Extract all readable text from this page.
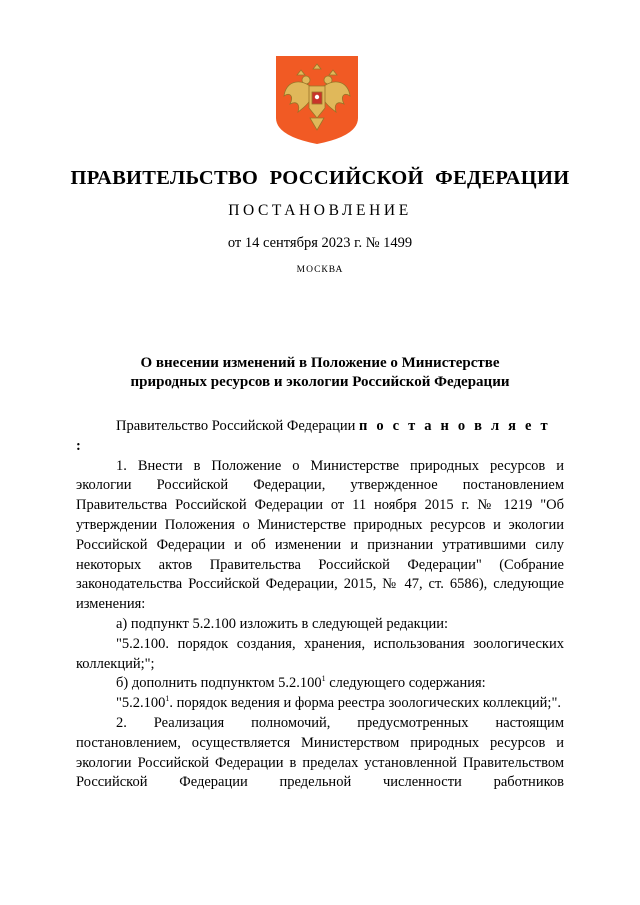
ПРАВИТЕЛЬСТВО РОССИЙСКОЙ ФЕДЕРАЦИИ
ПОСТАНОВЛЕНИЕ
от 14 сентября 2023 г. № 1499
МОСКВА
О внесении изменений в Положение о Министерстве
природных ресурсов и экологии Российской Федерации

Правительство Российской Федерации п о с т а н о в л я е т :

1. Внести в Положение о Министерстве природных ресурсов и экологии Российской Федерации, утвержденное постановлением Правительства Российской Федерации от 11 ноября 2015 г. № 1219 "Об утверждении Положения о Министерстве природных ресурсов и экологии Российской Федерации и об изменении и признании утратившими силу некоторых актов Правительства Российской Федерации" (Собрание законодательства Российской Федерации, 2015, № 47, ст. 6586), следующие изменения:

а) подпункт 5.2.100 изложить в следующей редакции:

"5.2.100. порядок создания, хранения, использования зоологических коллекций;";

б) дополнить подпунктом 5.2.100$^1$ следующего содержания:

"5.2.100$^1$. порядок ведения и форма реестра зоологических коллекций;".

2. Реализация полномочий, предусмотренных настоящим постановлением, осуществляется Министерством природных ресурсов и экологии Российской Федерации в пределах установленной Правительством Российской Федерации предельной численности работников
